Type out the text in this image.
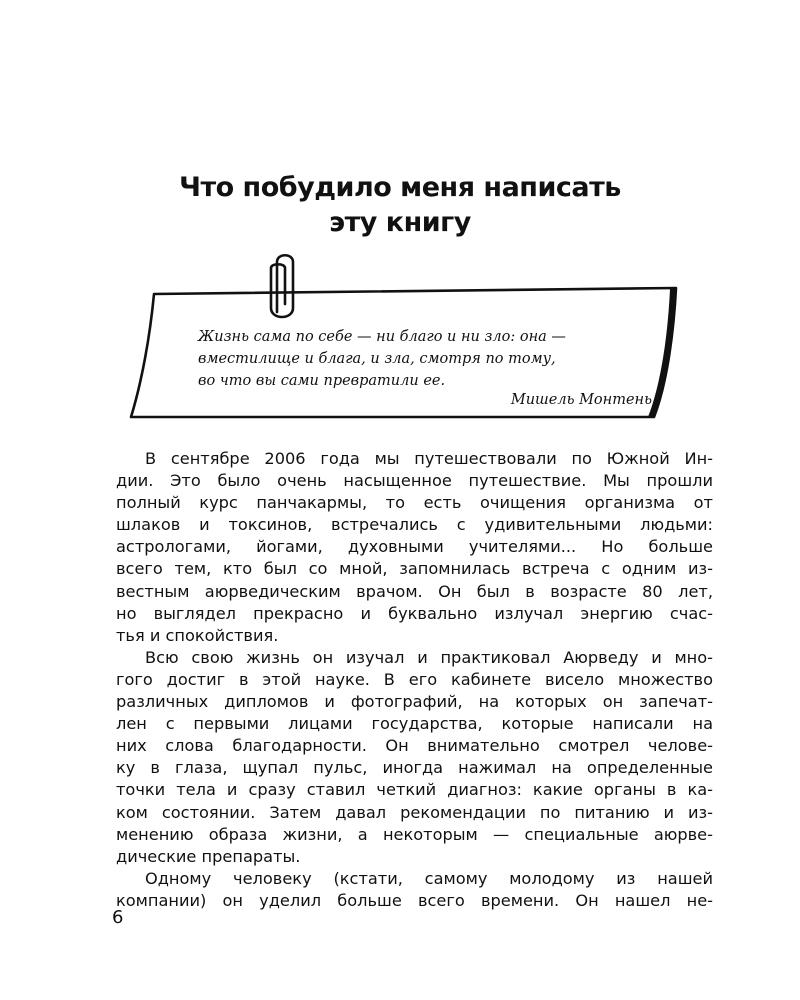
Что побудило меня написать
эту книгу
Жизнь сама по себе — ни благо и ни зло: она —
вместилище и блага, и зла, смотря по тому,
во что вы сами превратили ее.
Мишель Монтень
В сентябре 2006 года мы путешествовали по Южной Ин-
дии. Это было очень насыщенное путешествие. Мы прошли
полный курс панчакармы, то есть очищения организма от
шлаков и токсинов, встречались с удивительными людьми:
астрологами, йогами, духовными учителями... Но больше
всего тем, кто был со мной, запомнилась встреча с одним из-
вестным аюрведическим врачом. Он был в возрасте 80 лет,
но выглядел прекрасно и буквально излучал энергию счас-
тья и спокойствия.
Всю свою жизнь он изучал и практиковал Аюрведу и мно-
гого достиг в этой науке. В его кабинете висело множество
различных дипломов и фотографий, на которых он запечат-
лен с первыми лицами государства, которые написали на
них слова благодарности. Он внимательно смотрел челове-
ку в глаза, щупал пульс, иногда нажимал на определенные
точки тела и сразу ставил четкий диагноз: какие органы в ка-
ком состоянии. Затем давал рекомендации по питанию и из-
менению образа жизни, а некоторым — специальные аюрве-
дические препараты.
Одному человеку (кстати, самому молодому из нашей
компании) он уделил больше всего времени. Он нашел не-
6
